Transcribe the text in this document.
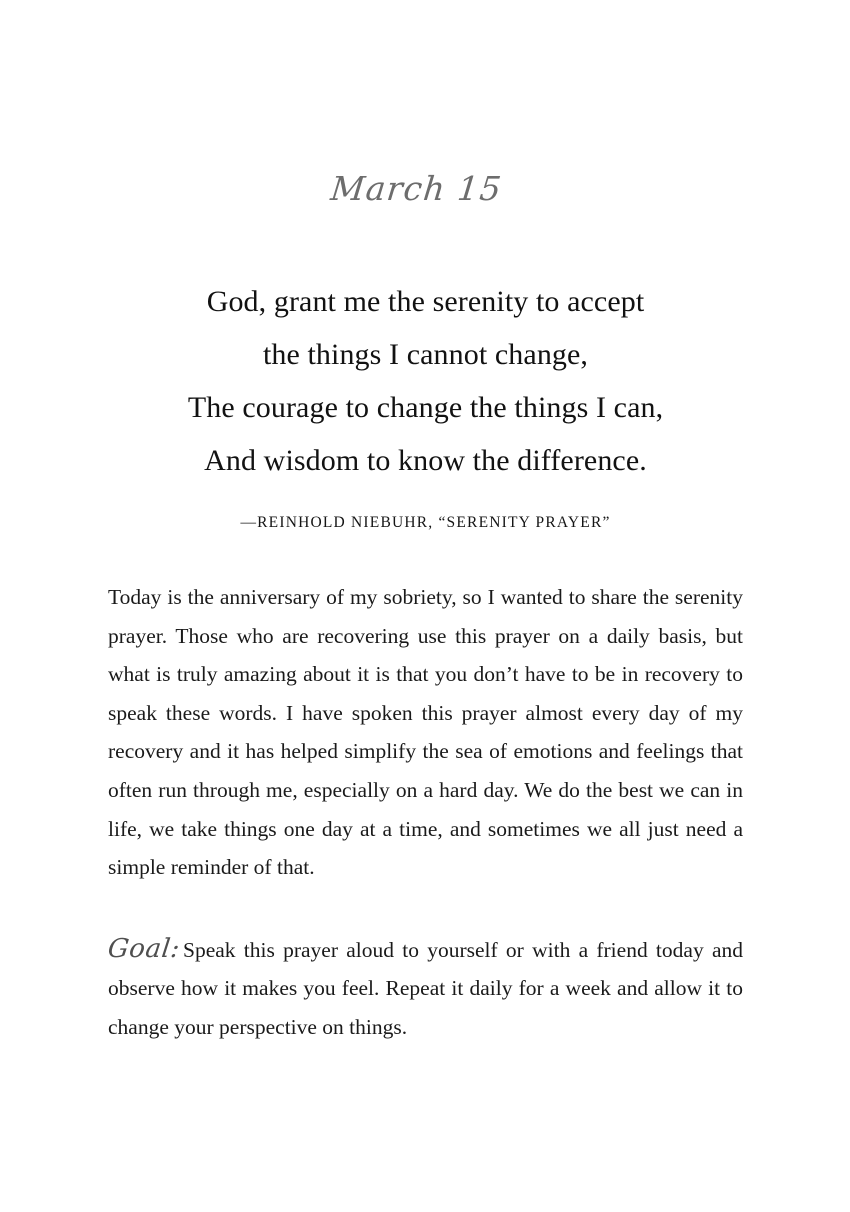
March 15
God, grant me the serenity to accept
the things I cannot change,
The courage to change the things I can,
And wisdom to know the difference.
—REINHOLD NIEBUHR, “SERENITY PRAYER”

Today is the anniversary of my sobriety, so I wanted to share the serenity prayer. Those who are recovering use this prayer on a daily basis, but what is truly amazing about it is that you don’t have to be in recovery to speak these words. I have spoken this prayer almost every day of my recovery and it has helped simplify the sea of emotions and feelings that often run through me, especially on a hard day. We do the best we can in life, we take things one day at a time, and sometimes we all just need a simple reminder of that.

Goal:Speak this prayer aloud to yourself or with a friend today and observe how it makes you feel. Repeat it daily for a week and allow it to change your perspective on things.
